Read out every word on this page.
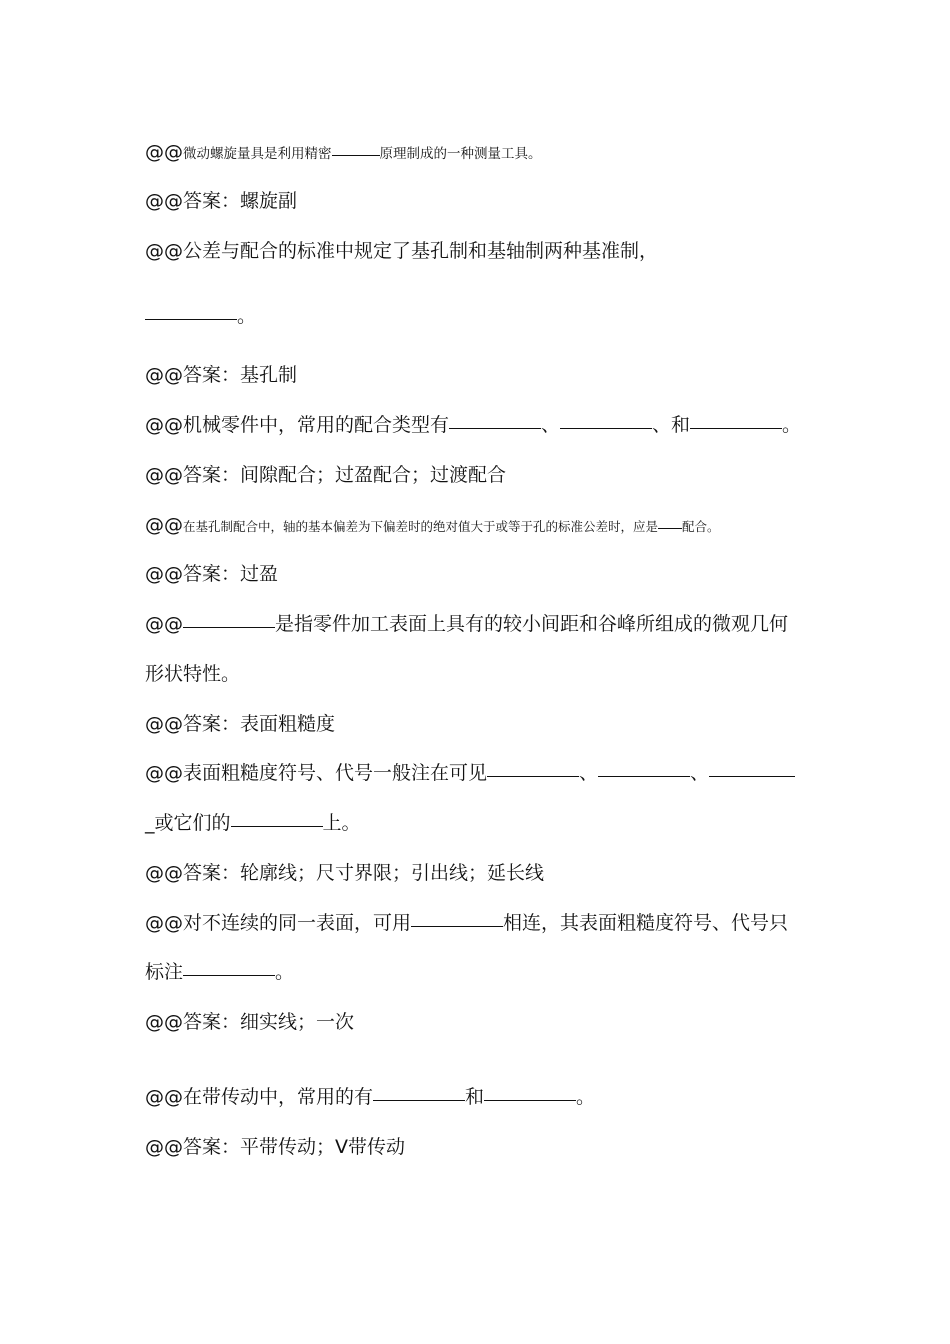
@@微动螺旋量具是利用精密	原理制成的一种测量工具。
@@答案：螺旋副
@@公差与配合的标准中规定了基孔制和基轴制两种基准制，
。
@@答案：基孔制
@@机械零件中，常用的配合类型有	、	、和	。
@@答案：间隙配合；过盈配合；过渡配合
@@在基孔制配合中，轴的基本偏差为下偏差时的绝对值大于或等于孔的标准公差时，应是 配合。
@@答案：过盈
@@	是指零件加工表面上具有的较小间距和谷峰所组成的微观几何
形状特性。
@@答案：表面粗糙度
@@表面粗糙度符号、代号一般注在可见	、	、
_或它们的	上。
@@答案：轮廓线；尺寸界限；引出线；延长线
@@对不连续的同一表面，可用	相连，其表面粗糙度符号、代号只
标注	。
@@答案：细实线；一次
@@在带传动中，常用的有	和	。
@@答案：平带传动；V带传动
